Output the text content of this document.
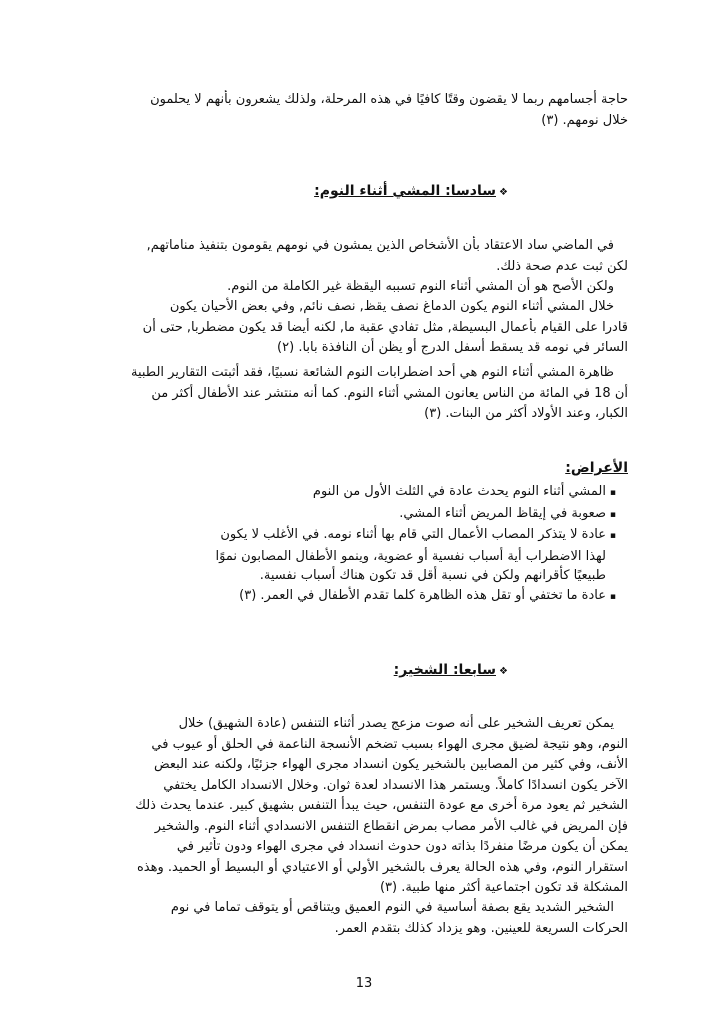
حاجة أجسامهم ربما لا يقضون وقتًا كافيًا في هذه المرحلة، ولذلك يشعرون بأنهم لا يحلمون
خلال نومهم. (٣)
❖سادسا: المشي أثناء النوم:
في الماضي ساد الاعتقاد بأن الأشخاص الذين يمشون في نومهم يقومون بتنفيذ مناماتهم,
لكن ثبت عدم صحة ذلك.
ولكن الأصح هو أن المشي أثناء النوم تسببه اليقظة غير الكاملة من النوم.
خلال المشي أثناء النوم يكون الدماغ نصف يقظ, نصف نائم, وفي بعض الأحيان يكون
قادرا على القيام بأعمال البسيطة, مثل تفادي عقبة ما, لكنه أيضا قد يكون مضطربا, حتى أن
السائر في نومه قد يسقط أسفل الدرج أو يظن أن النافذة بابا. (٢)
ظاهرة المشي أثناء النوم هي أحد اضطرابات النوم الشائعة نسبيًا، فقد أثبتت التقارير الطبية
أن 18 في المائة من الناس يعانون المشي أثناء النوم. كما أنه منتشر عند الأطفال أكثر من
الكبار، وعند الأولاد أكثر من البنات. (٣)
الأعراض:
▪المشي أثناء النوم يحدث عادة في الثلث الأول من النوم
▪صعوبة في إيقاظ المريض أثناء المشي.
▪عادة لا يتذكر المصاب الأعمال التي قام بها أثناء نومه. في الأغلب لا يكون
لهذا الاضطراب أية أسباب نفسية أو عضوية، وينمو الأطفال المصابون نموًا
طبيعيًا كأقرانهم ولكن في نسبة أقل قد تكون هناك أسباب نفسية.
▪عادة ما تختفي أو تقل هذه الظاهرة كلما تقدم الأطفال في العمر. (٣)
❖سابعا: الشخير:
يمكن تعريف الشخير على أنه صوت مزعج يصدر أثناء التنفس (عادة الشهيق) خلال
النوم، وهو نتيجة لضيق مجرى الهواء بسبب تضخم الأنسجة الناعمة في الحلق أو عيوب في
الأنف، وفي كثير من المصابين بالشخير يكون انسداد مجرى الهواء جزئيًا، ولكنه عند البعض
الآخر يكون انسدادًا كاملاً. ويستمر هذا الانسداد لعدة ثوان. وخلال الانسداد الكامل يختفي
الشخير ثم يعود مرة أخرى مع عودة التنفس، حيث يبدأ التنفس بشهيق كبير. عندما يحدث ذلك
فإن المريض في غالب الأمر مصاب بمرض انقطاع التنفس الانسدادي أثناء النوم. والشخير
يمكن أن يكون مرضًا منفردًا بذاته دون حدوث انسداد في مجرى الهواء ودون تأثير في
استقرار النوم، وفي هذه الحالة يعرف بالشخير الأولي أو الاعتيادي أو البسيط أو الحميد. وهذه
المشكلة قد تكون اجتماعية أكثر منها طبية. (٣)
الشخير الشديد يقع بصفة أساسية في النوم العميق ويتناقص أو يتوقف تماما في نوم
الحركات السريعة للعينين. وهو يزداد كذلك بتقدم العمر.
13
